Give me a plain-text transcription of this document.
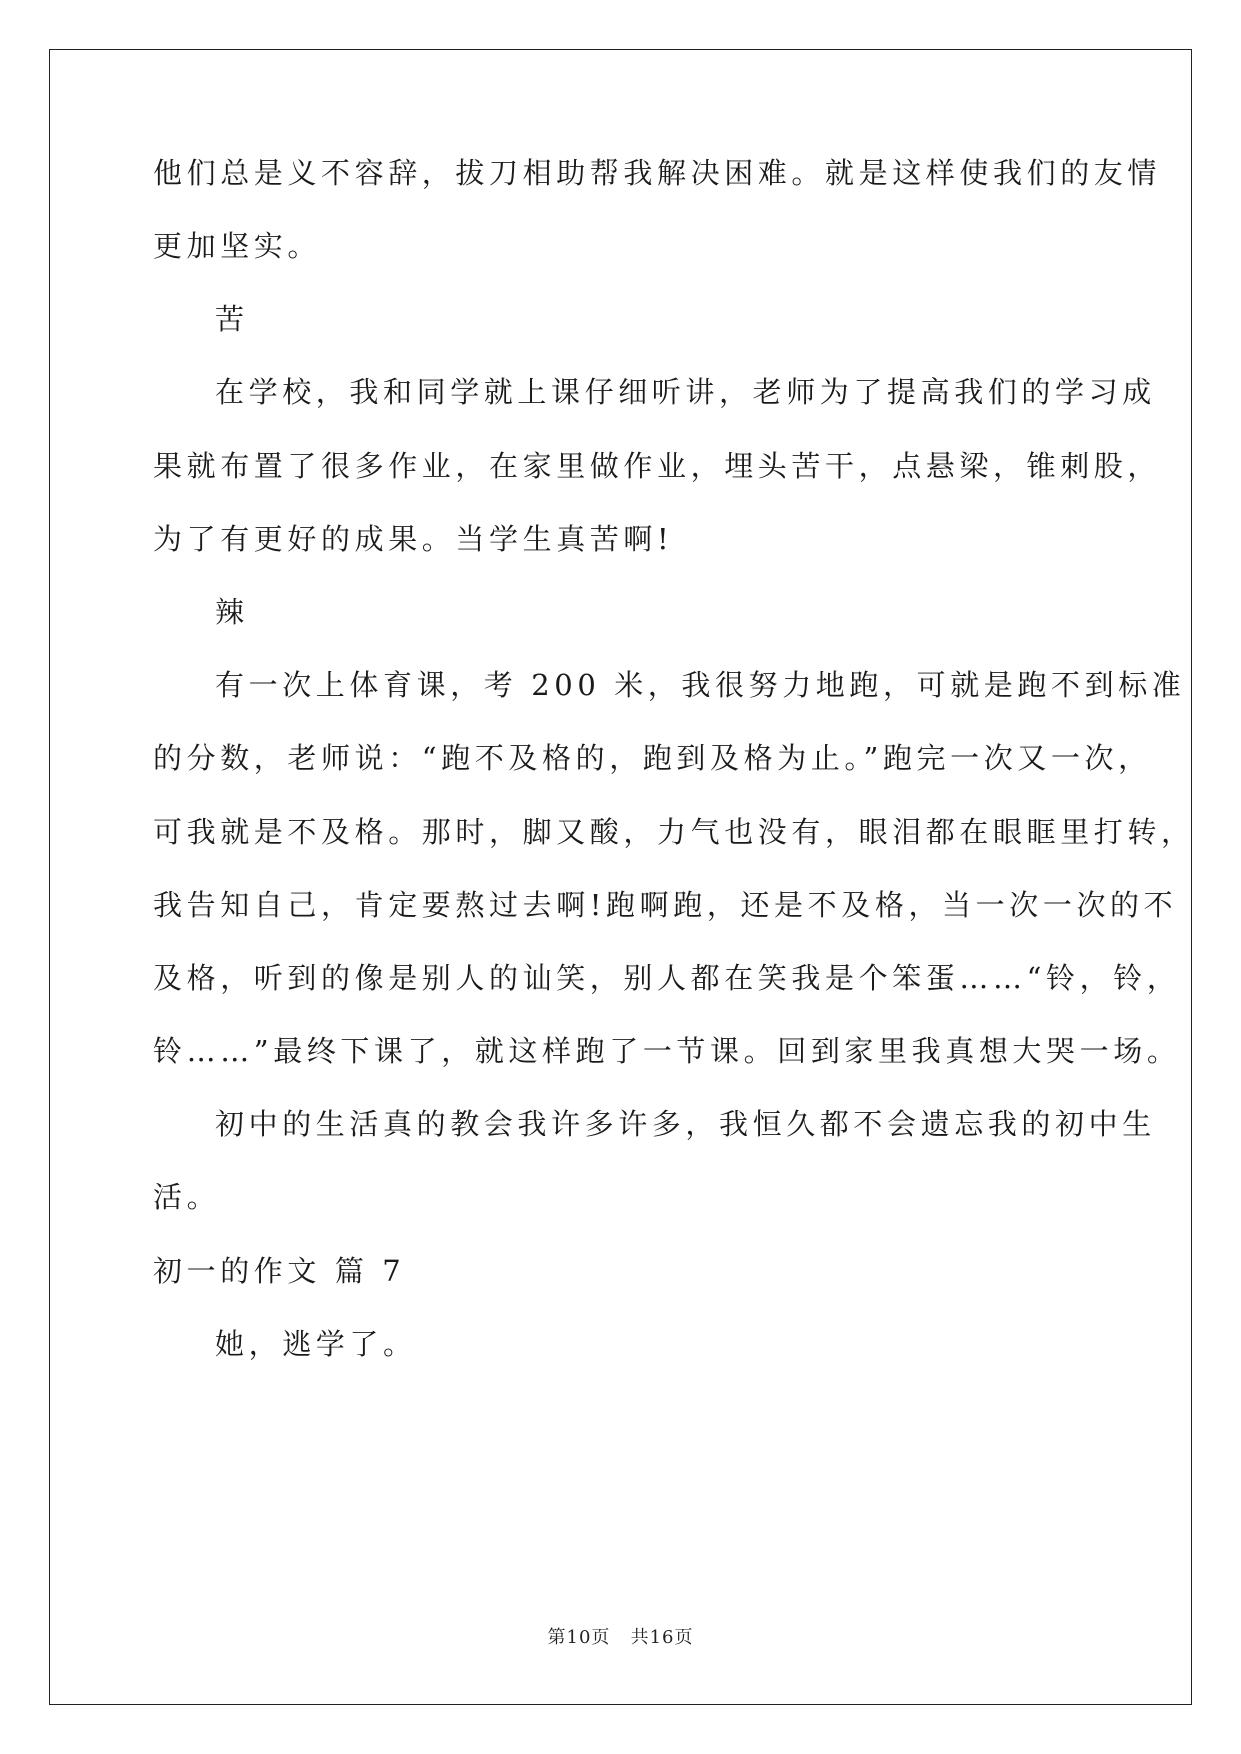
他们总是义不容辞，拔刀相助帮我解决困难。就是这样使我们的友情
更加坚实。
苦
在学校，我和同学就上课仔细听讲，老师为了提高我们的学习成
果就布置了很多作业，在家里做作业，埋头苦干，点悬梁，锥刺股，
为了有更好的成果。当学生真苦啊!
辣
有一次上体育课，考 200 米，我很努力地跑，可就是跑不到标准
的分数，老师说：“跑不及格的，跑到及格为止。”跑完一次又一次，
可我就是不及格。那时，脚又酸，力气也没有，眼泪都在眼眶里打转，
我告知自己，肯定要熬过去啊!跑啊跑，还是不及格，当一次一次的不
及格，听到的像是别人的讪笑，别人都在笑我是个笨蛋……“铃，铃，
铃……”最终下课了，就这样跑了一节课。回到家里我真想大哭一场。
初中的生活真的教会我许多许多，我恒久都不会遗忘我的初中生
活。
初一的作文 篇 7
她，逃学了。
第10页 共16页
